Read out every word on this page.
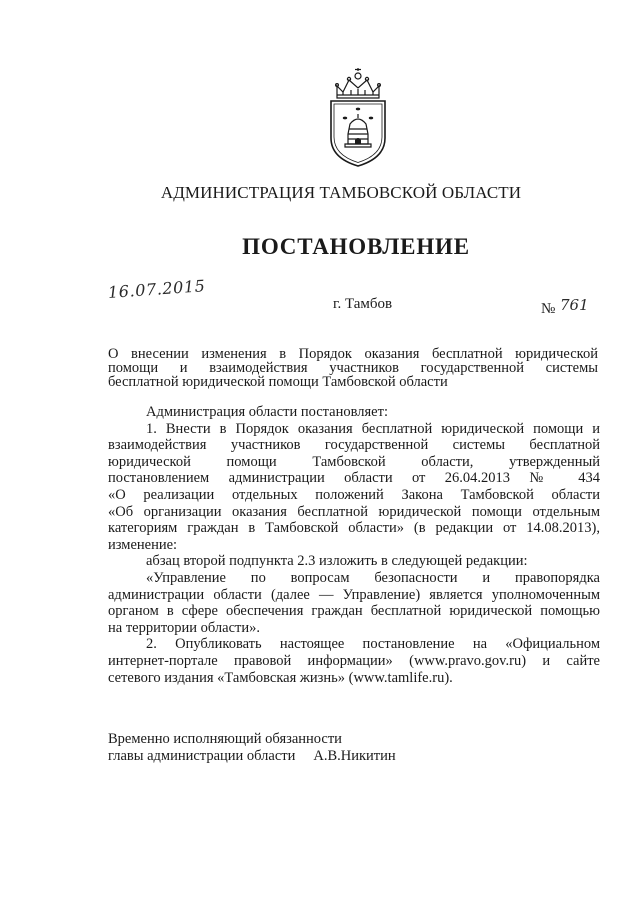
АДМИНИСТРАЦИЯ ТАМБОВСКОЙ ОБЛАСТИ
ПОСТАНОВЛЕНИЕ
16.07.2015
г. Тамбов	№ 761
О внесении изменения в Порядок оказания бесплатной юридической
помощи и взаимодействия участников государственной системы
бесплатной юридической помощи Тамбовской области
Администрация области постановляет:
1. Внести в Порядок оказания бесплатной юридической помощи и
взаимодействия участников государственной системы бесплатной
юридической помощи Тамбовской области, утвержденный
постановлением администрации области от 26.04.2013 № 434
«О реализации отдельных положений Закона Тамбовской области
«Об организации оказания бесплатной юридической помощи отдельным
категориям граждан в Тамбовской области» (в редакции от 14.08.2013),
изменение:
абзац второй подпункта 2.3 изложить в следующей редакции:
«Управление по вопросам безопасности и правопорядка
администрации области (далее — Управление) является уполномоченным
органом в сфере обеспечения граждан бесплатной юридической помощью
на территории области».
2. Опубликовать настоящее постановление на «Официальном
интернет-портале правовой информации» (www.pravo.gov.ru) и сайте
сетевого издания «Тамбовская жизнь» (www.tamlife.ru).
Временно исполняющий обязанности
главы администрации области А.В.Никитин
